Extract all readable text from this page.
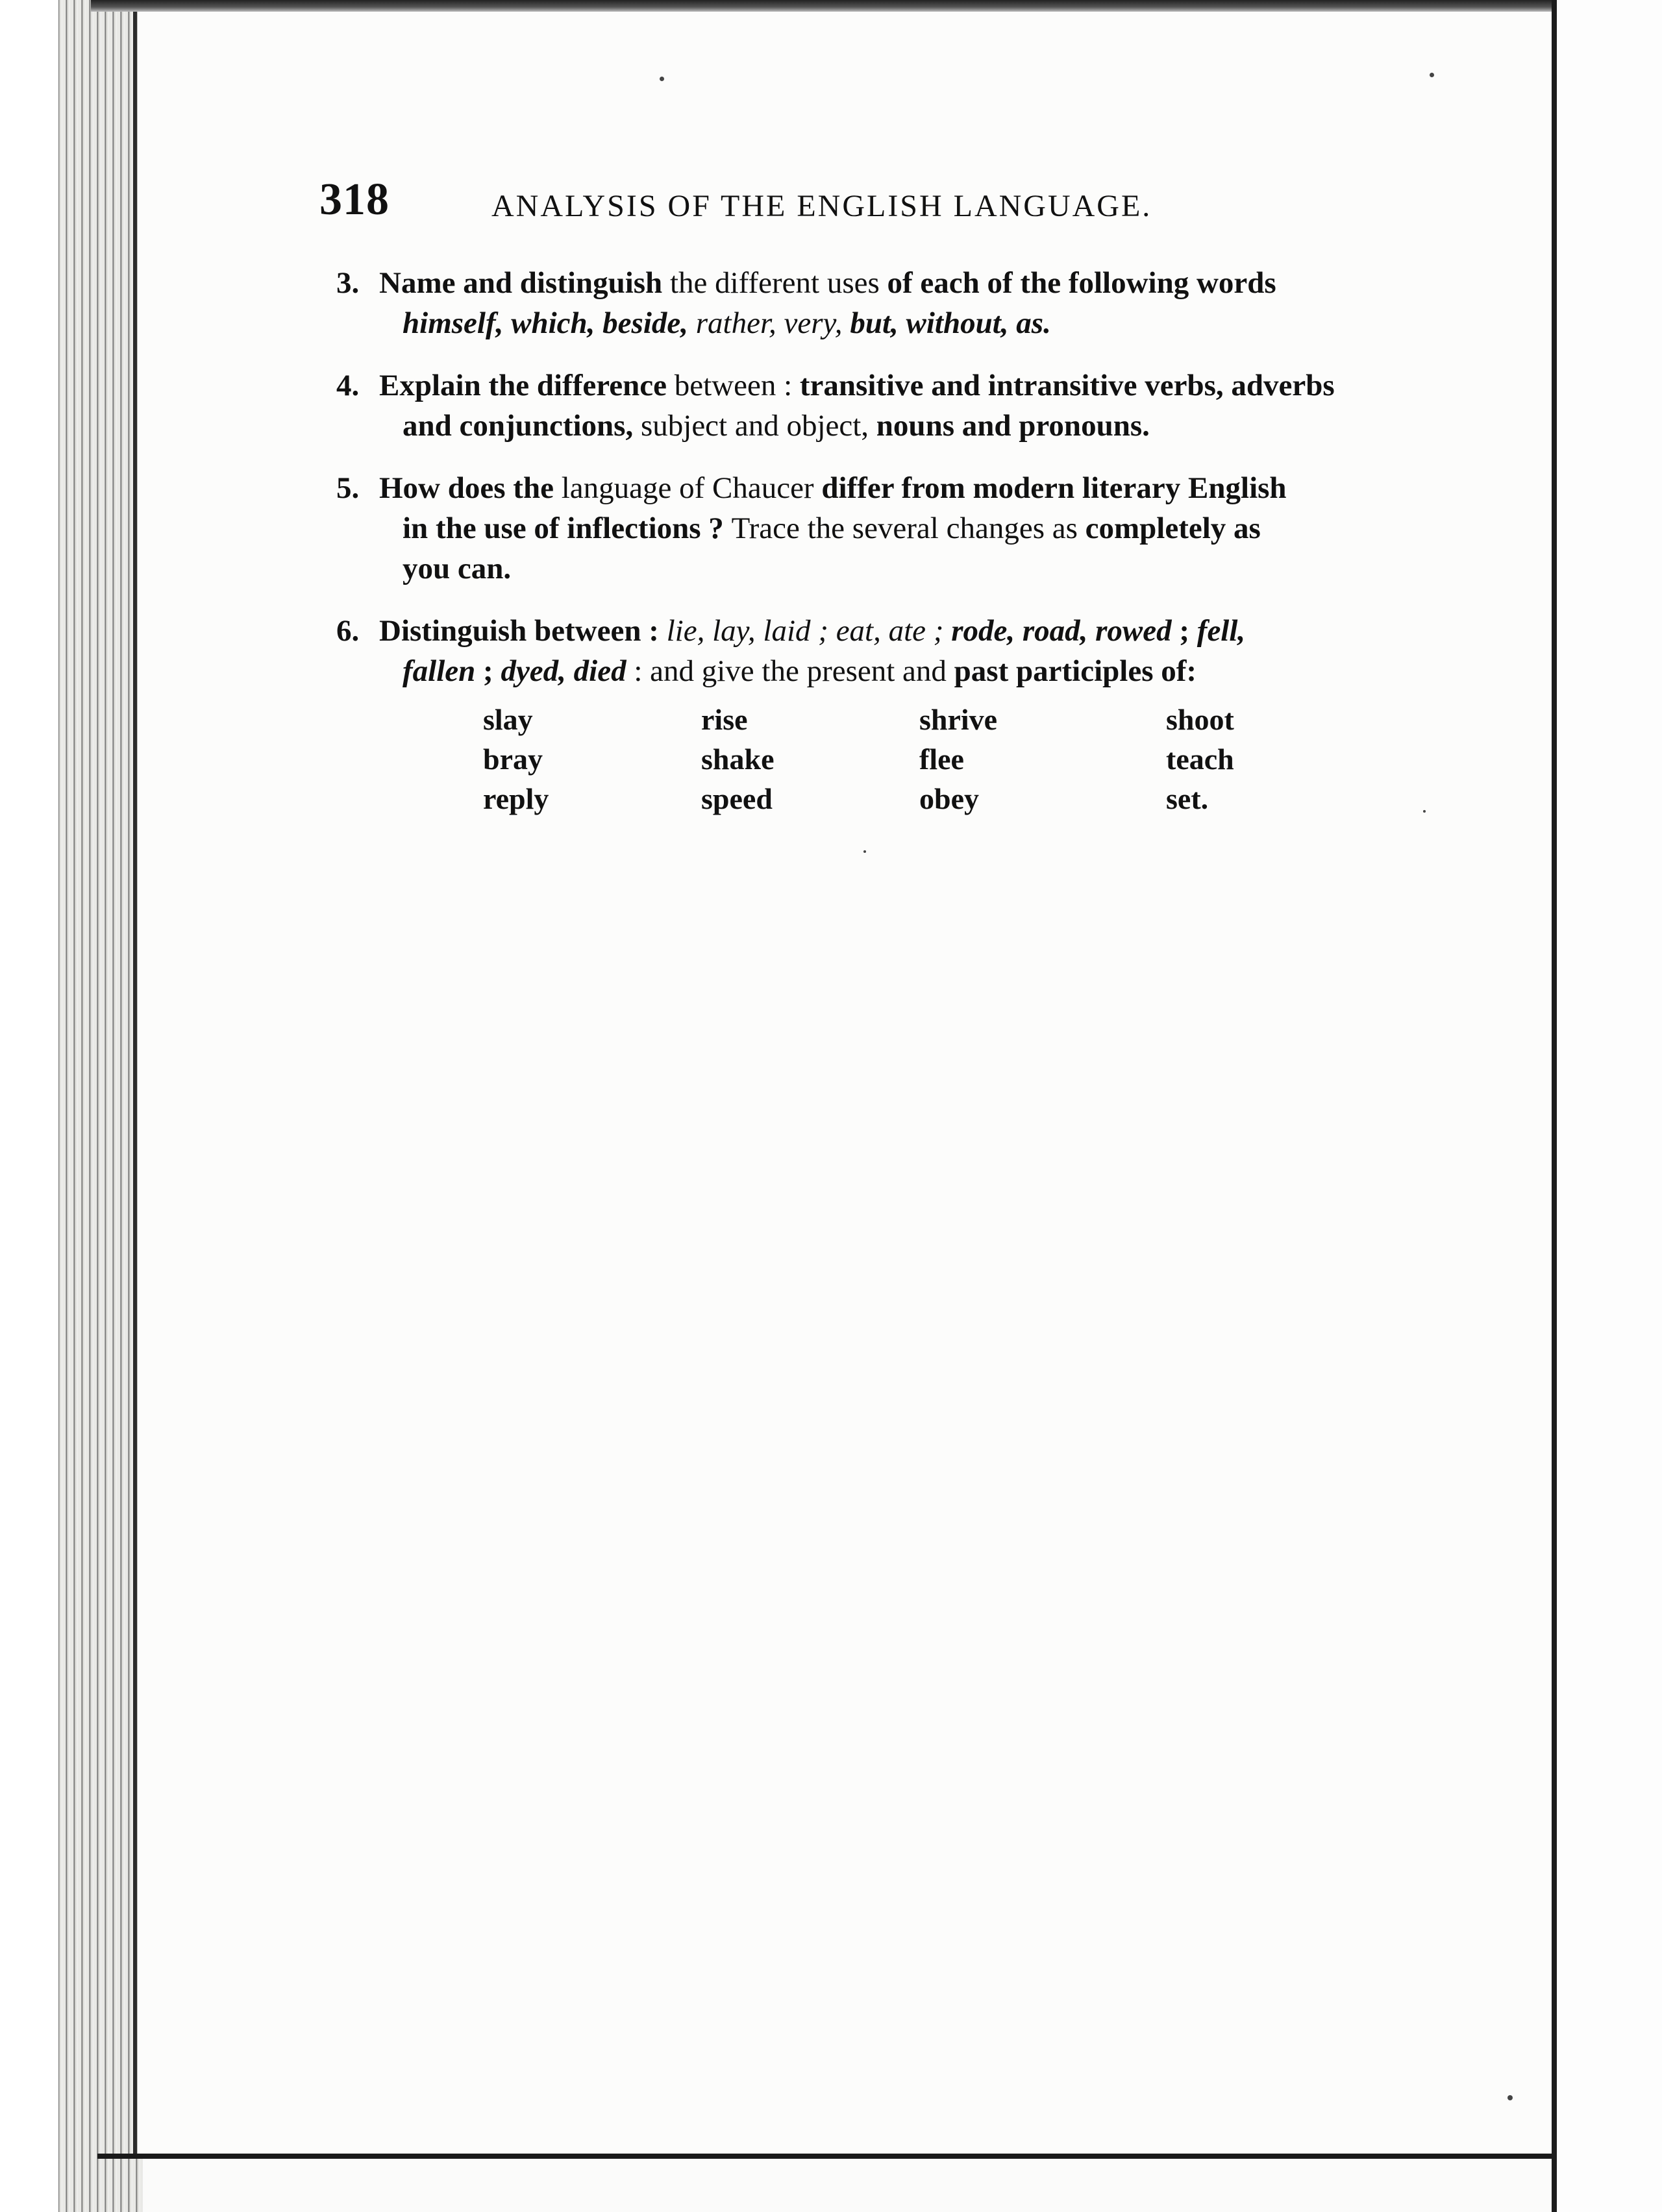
318	ANALYSIS OF THE ENGLISH LANGUAGE.
3. Name and distinguish the different uses of each of the following words
himself, which, beside, rather, very, but, without, as.
4. Explain the difference between : transitive and intransitive verbs, adverbs
and conjunctions, subject and object, nouns and pronouns.
5. How does the language of Chaucer differ from modern literary English
in the use of inflections ? Trace the several changes as completely as
you can.
6. Distinguish between : lie, lay, laid ; eat, ate ; rode, road, rowed ; fell,
fallen ; dyed, died : and give the present and past participles of:
slay
bray
reply
rise
shake
speed
shrive
flee
obey
shoot
teach
set.
